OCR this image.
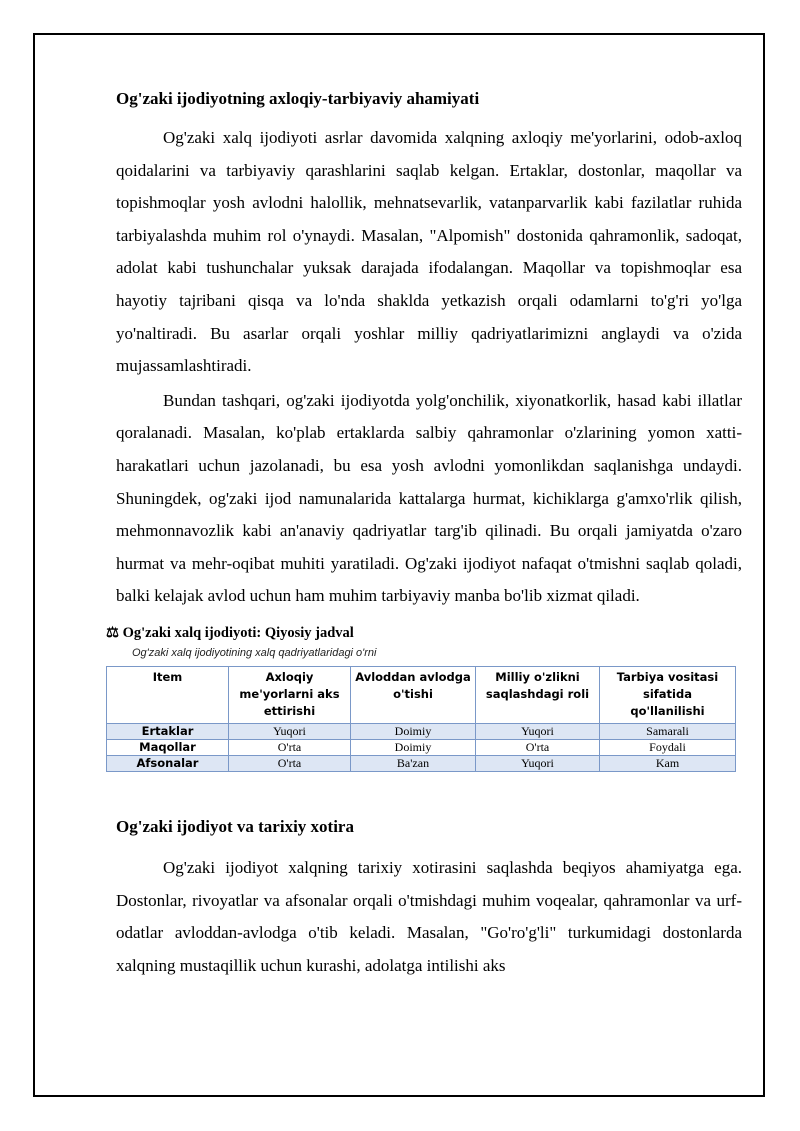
Og'zaki ijodiyotning axloqiy-tarbiyaviy ahamiyati

Og'zaki xalq ijodiyoti asrlar davomida xalqning axloqiy me'yorlarini, odob-axloq qoidalarini va tarbiyaviy qarashlarini saqlab kelgan. Ertaklar, dostonlar, maqollar va topishmoqlar yosh avlodni halollik, mehnatsevarlik, vatanparvarlik kabi fazilatlar ruhida tarbiyalashda muhim rol o'ynaydi. Masalan, "Alpomish" dostonida qahramonlik, sadoqat, adolat kabi tushunchalar yuksak darajada ifodalangan. Maqollar va topishmoqlar esa hayotiy tajribani qisqa va lo'nda shaklda yetkazish orqali odamlarni to'g'ri yo'lga yo'naltiradi. Bu asarlar orqali yoshlar milliy qadriyatlarimizni anglaydi va o'zida mujassamlashtiradi.

Bundan tashqari, og'zaki ijodiyotda yolg'onchilik, xiyonatkorlik, hasad kabi illatlar qoralanadi. Masalan, ko'plab ertaklarda salbiy qahramonlar o'zlarining yomon xatti-harakatlari uchun jazolanadi, bu esa yosh avlodni yomonlikdan saqlanishga undaydi. Shuningdek, og'zaki ijod namunalarida kattalarga hurmat, kichiklarga g'amxo'rlik qilish, mehmonnavozlik kabi an'anaviy qadriyatlar targ'ib qilinadi. Bu orqali jamiyatda o'zaro hurmat va mehr-oqibat muhiti yaratiladi. Og'zaki ijodiyot nafaqat o'tmishni saqlab qoladi, balki kelajak avlod uchun ham muhim tarbiyaviy manba bo'lib xizmat qiladi.

⚖ Og'zaki xalq ijodiyoti: Qiyosiy jadval
Og'zaki xalq ijodiyotining xalq qadriyatlaridagi o'rni
Item	Axloqiy me'yorlarni aks ettirishi	Avloddan avlodga o'tishi	Milliy o'zlikni saqlashdagi roli	Tarbiya vositasi sifatida qo'llanilishi
Ertaklar	Yuqori	Doimiy	Yuqori	Samarali
Maqollar	O'rta	Doimiy	O'rta	Foydali
Afsonalar	O'rta	Ba'zan	Yuqori	Kam
Og'zaki ijodiyot va tarixiy xotira

Og'zaki ijodiyot xalqning tarixiy xotirasini saqlashda beqiyos ahamiyatga ega. Dostonlar, rivoyatlar va afsonalar orqali o'tmishdagi muhim voqealar, qahramonlar va urf-odatlar avloddan-avlodga o'tib keladi. Masalan, "Go'ro'g'li" turkumidagi dostonlarda xalqning mustaqillik uchun kurashi, adolatga intilishi aks
